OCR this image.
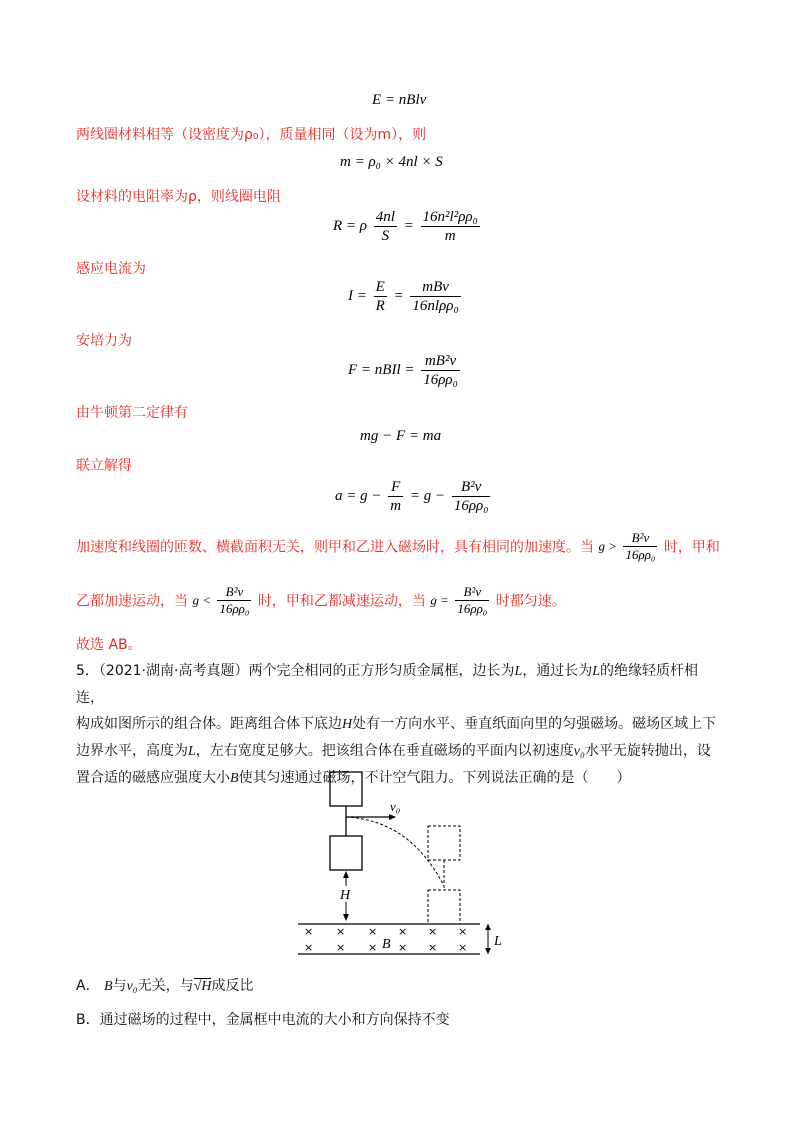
E = nBlv
两线圈材料相等（设密度为ρ₀），质量相同（设为m），则
m = ρ₀ × 4nl × S
设材料的电阻率为ρ，则线圈电阻
R = ρ $\frac{4nl}{S} = \frac{\text{16n²l²ρρ₀}}{m}$
感应电流为
$I = \frac{E}{R} = \frac{\text{mBv}}{\text{16nlρρ₀}}$
安培力为
F = nBIl = $\frac{\text{mB²v}}{\text{16ρρ₀}}$
由牛顿第二定律有
mg − F = ma
联立解得
$a = g - \frac{F}{m} = g - \frac{\text{B²v}}{\text{16ρρ₀}}$
加速度和线圈的匝数、横截面积无关，则甲和乙进入磁场时，具有相同的加速度。当 $g > \frac{\text{B²v}}{\text{16ρρ₀}}$ 时，甲和
乙都加速运动，当 $g < \frac{\text{B²v}}{\text{16ρρ₀}}$ 时，甲和乙都减速运动，当 $g = \frac{\text{B²v}}{\text{16ρρ₀}}$ 时都匀速。
故选 AB。
5．（2021·湖南·高考真题）两个完全相同的正方形匀质金属框，边长为L，通过长为L的绝缘轻质杆相连，
构成如图所示的组合体。距离组合体下底边H处有一方向水平、垂直纸面向里的匀强磁场。磁场区域上下
边界水平，高度为L，左右宽度足够大。把该组合体在垂直磁场的平面内以初速度v₀水平无旋转抛出，设
置合适的磁感应强度大小B使其匀速通过磁场，不计空气阻力。下列说法正确的是（　　）
v₀
H
× × × × × ×
× × × × × ×
B	L
A． B与v₀无关，与√H成反比
B．通过磁场的过程中，金属框中电流的大小和方向保持不变
